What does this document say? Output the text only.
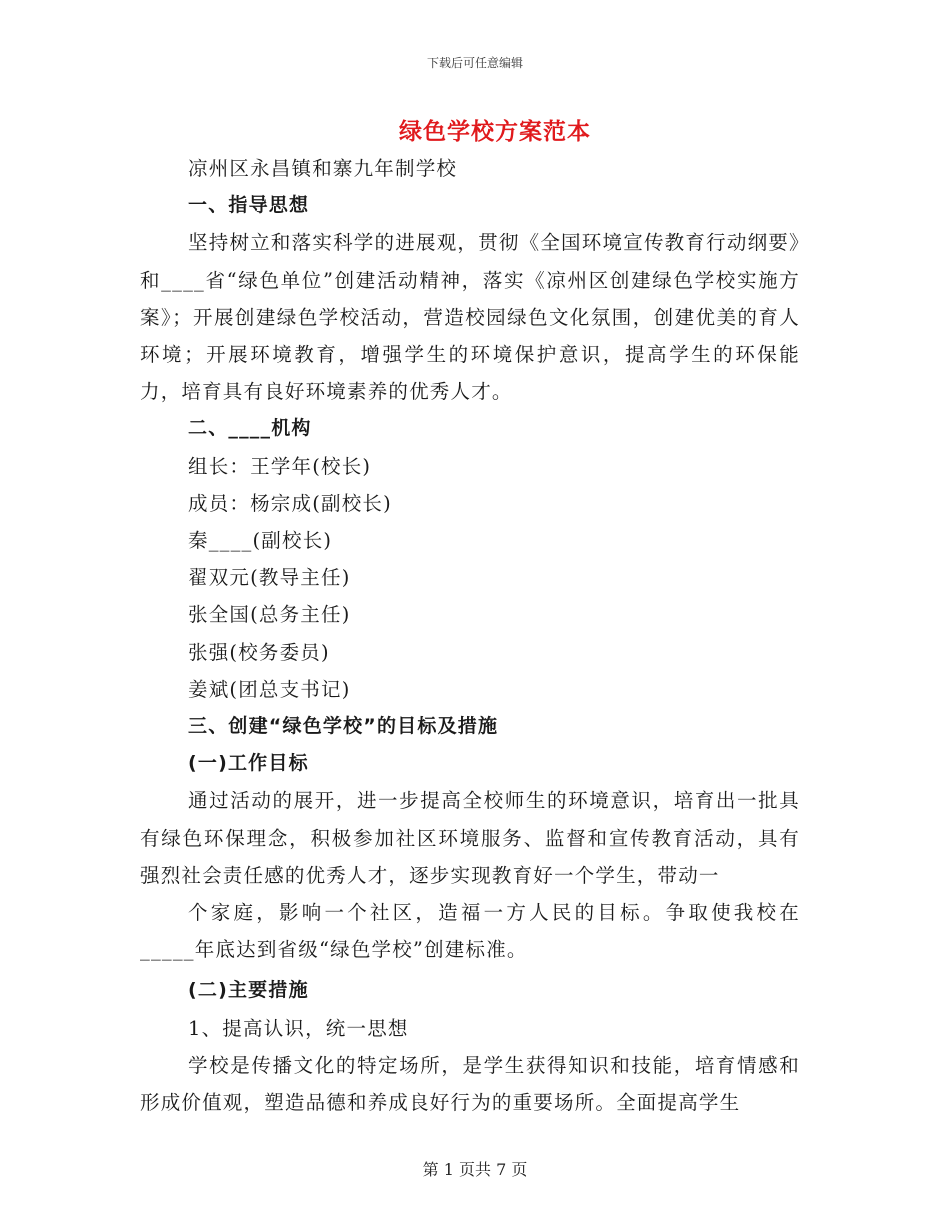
下载后可任意编辑
绿色学校方案范本

凉州区永昌镇和寨九年制学校

一、指导思想

坚持树立和落实科学的进展观，贯彻《全国环境宣传教育行动纲要》和____省“绿色单位”创建活动精神，落实《凉州区创建绿色学校实施方案》；开展创建绿色学校活动，营造校园绿色文化氛围，创建优美的育人环境；开展环境教育，增强学生的环境保护意识，提高学生的环保能力，培育具有良好环境素养的优秀人才。

二、____机构

组长：王学年(校长)

成员：杨宗成(副校长)

秦____(副校长)

翟双元(教导主任)

张全国(总务主任)

张强(校务委员)

姜斌(团总支书记)

三、创建“绿色学校”的目标及措施

(一)工作目标

通过活动的展开，进一步提高全校师生的环境意识，培育出一批具有绿色环保理念，积极参加社区环境服务、监督和宣传教育活动，具有强烈社会责任感的优秀人才，逐步实现教育好一个学生，带动一

个家庭，影响一个社区，造福一方人民的目标。争取使我校在_____年底达到省级“绿色学校”创建标准。

(二)主要措施

1、提高认识，统一思想

学校是传播文化的特定场所，是学生获得知识和技能，培育情感和形成价值观，塑造品德和养成良好行为的重要场所。全面提高学生

第 1 页共 7 页
